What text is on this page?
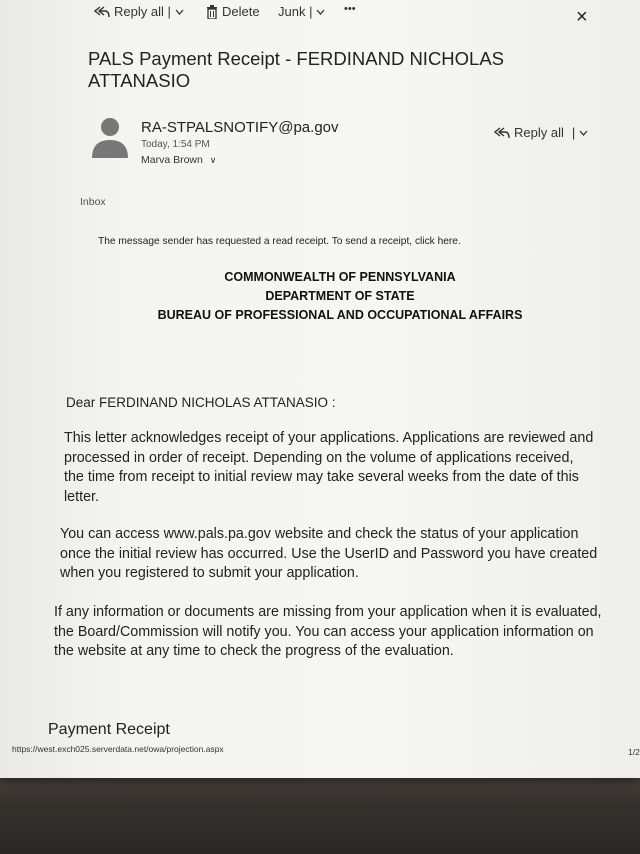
Reply all |	Delete Junk |	•••	×
PALS Payment Receipt - FERDINAND NICHOLAS ATTANASIO
RA-STPALSNOTIFY@pa.gov
Today, 1:54 PM
Marva Brown ∨
Reply all |
Inbox
The message sender has requested a read receipt. To send a receipt, click here.
COMMONWEALTH OF PENNSYLVANIA
DEPARTMENT OF STATE
BUREAU OF PROFESSIONAL AND OCCUPATIONAL AFFAIRS
Dear FERDINAND NICHOLAS ATTANASIO :
This letter acknowledges receipt of your applications. Applications are reviewed and processed in order of receipt. Depending on the volume of applications received, the time from receipt to initial review may take several weeks from the date of this letter.
You can access www.pals.pa.gov website and check the status of your application once the initial review has occurred. Use the UserID and Password you have created when you registered to submit your application.
If any information or documents are missing from your application when it is evaluated, the Board/Commission will notify you. You can access your application information on the website at any time to check the progress of the evaluation.
Payment Receipt
https://west.exch025.serverdata.net/owa/projection.aspx	1/2
